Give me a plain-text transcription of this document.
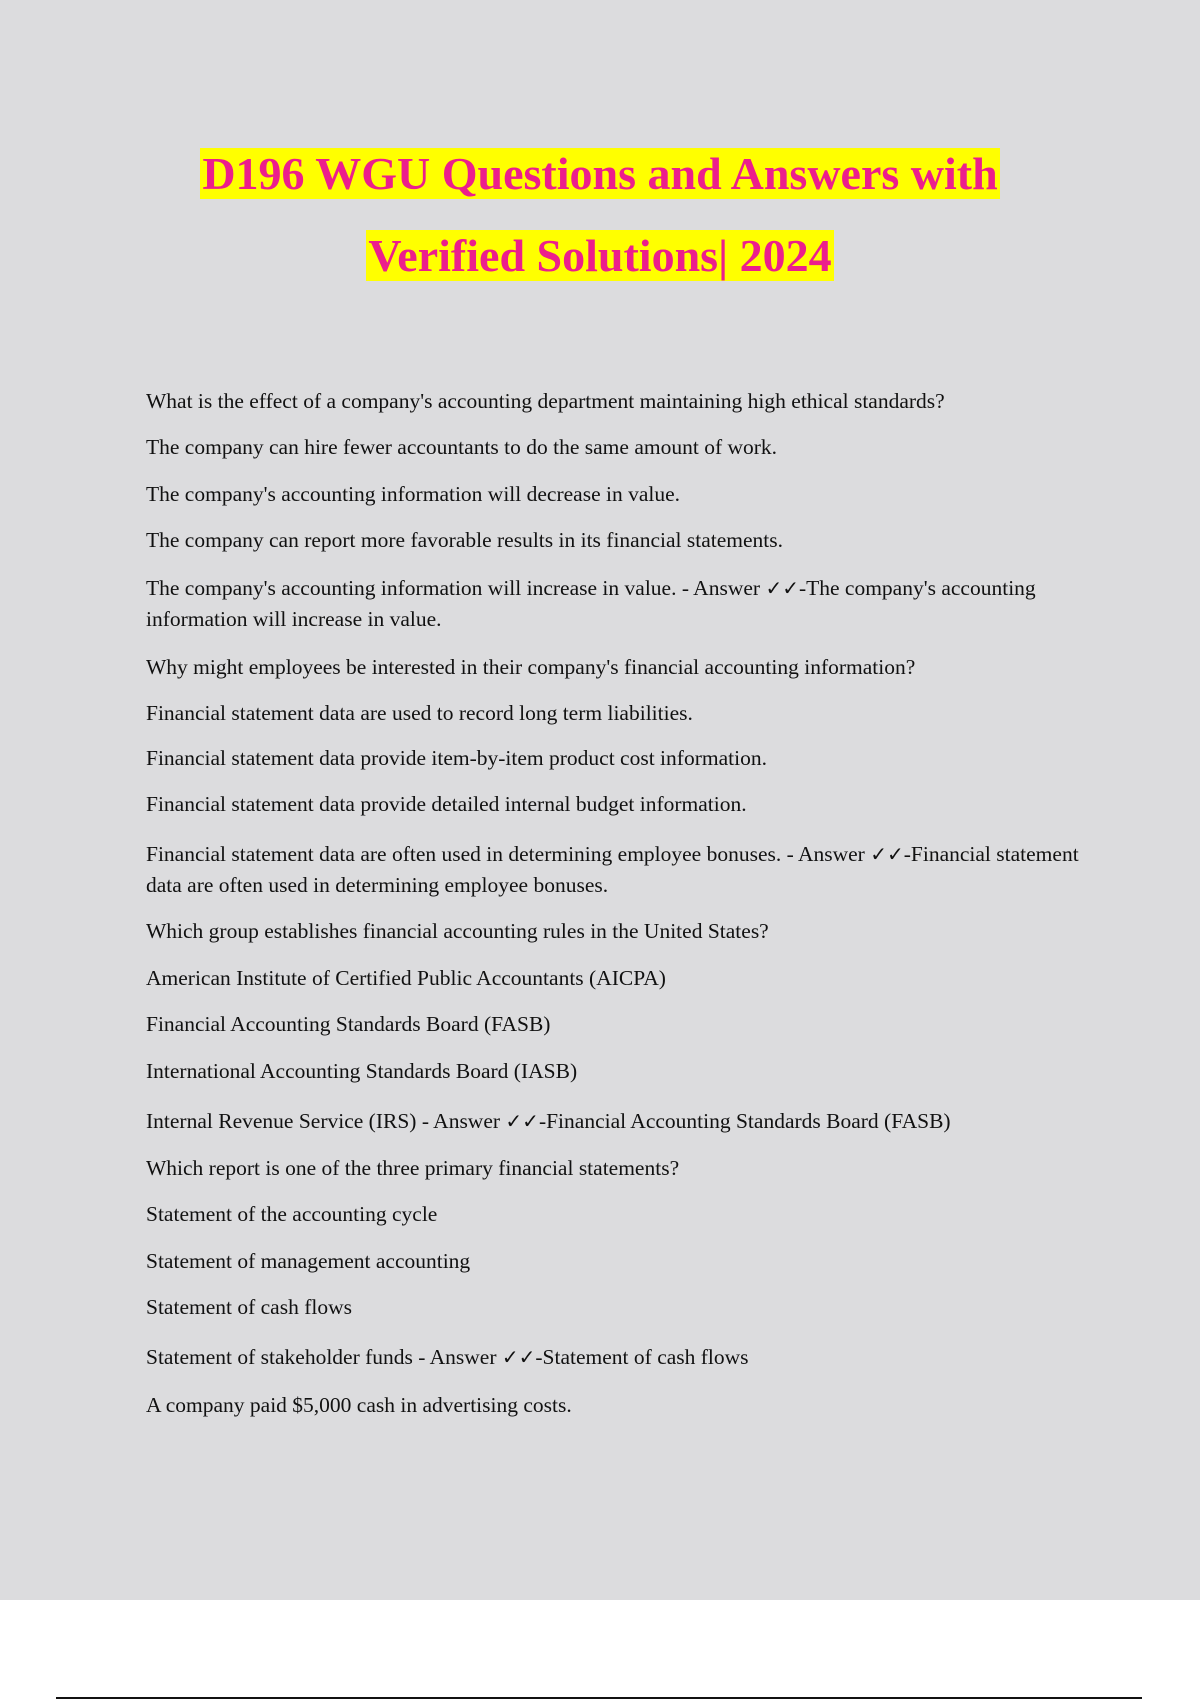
D196 WGU Questions and Answers with
Verified Solutions| 2024
What is the effect of a company's accounting department maintaining high ethical standards?
The company can hire fewer accountants to do the same amount of work.
The company's accounting information will decrease in value.
The company can report more favorable results in its financial statements.
The company's accounting information will increase in value. - Answer ✓✓-The company's accounting information will increase in value.
Why might employees be interested in their company's financial accounting information?
Financial statement data are used to record long term liabilities.
Financial statement data provide item-by-item product cost information.
Financial statement data provide detailed internal budget information.
Financial statement data are often used in determining employee bonuses. - Answer ✓✓-Financial statement data are often used in determining employee bonuses.
Which group establishes financial accounting rules in the United States?
American Institute of Certified Public Accountants (AICPA)
Financial Accounting Standards Board (FASB)
International Accounting Standards Board (IASB)
Internal Revenue Service (IRS) - Answer ✓✓-Financial Accounting Standards Board (FASB)
Which report is one of the three primary financial statements?
Statement of the accounting cycle
Statement of management accounting
Statement of cash flows
Statement of stakeholder funds - Answer ✓✓-Statement of cash flows
A company paid $5,000 cash in advertising costs.
